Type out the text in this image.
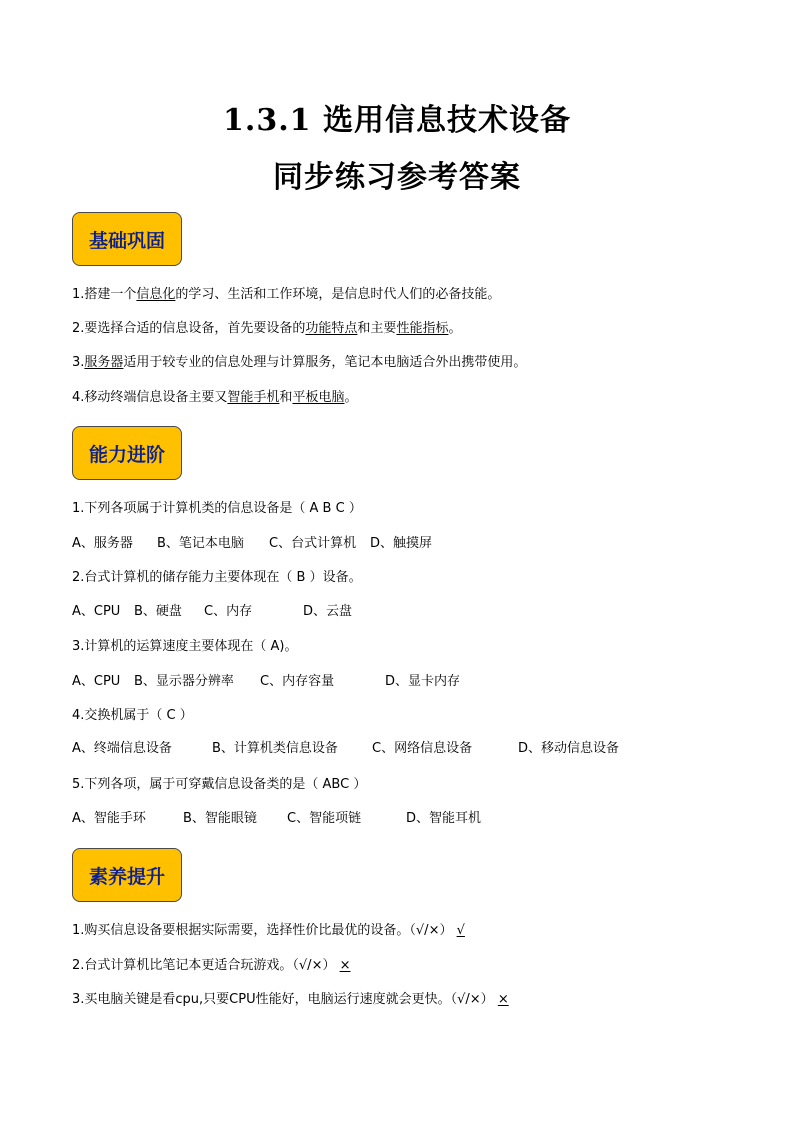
1.3.1 选用信息技术设备
同步练习参考答案
基础巩固
1.搭建一个信息化的学习、生活和工作环境，是信息时代人们的必备技能。
2.要选择合适的信息设备，首先要设备的功能特点和主要性能指标。
3.服务器适用于较专业的信息处理与计算服务，笔记本电脑适合外出携带使用。
4.移动终端信息设备主要又智能手机和平板电脑。
能力进阶
1.下列各项属于计算机类的信息设备是（ A B C ）
A、服务器 B、笔记本电脑 C、台式计算机 D、触摸屏
2.台式计算机的储存能力主要体现在（ B ）设备。
A、CPU B、硬盘 C、内存	D、云盘
3.计算机的运算速度主要体现在（ A)。
A、CPU B、显示器分辨率 C、内存容量	D、显卡内存
4.交换机属于（ C ）
A、终端信息设备	B、计算机类信息设备	C、网络信息设备	D、移动信息设备
5.下列各项，属于可穿戴信息设备类的是（ ABC ）
A、智能手环	B、智能眼镜 C、智能项链	D、智能耳机
素养提升
1.购买信息设备要根据实际需要，选择性价比最优的设备。（√/×） √
2.台式计算机比笔记本更适合玩游戏。（√/×） ×
3.买电脑关键是看cpu,只要CPU性能好，电脑运行速度就会更快。（√/×） ×
